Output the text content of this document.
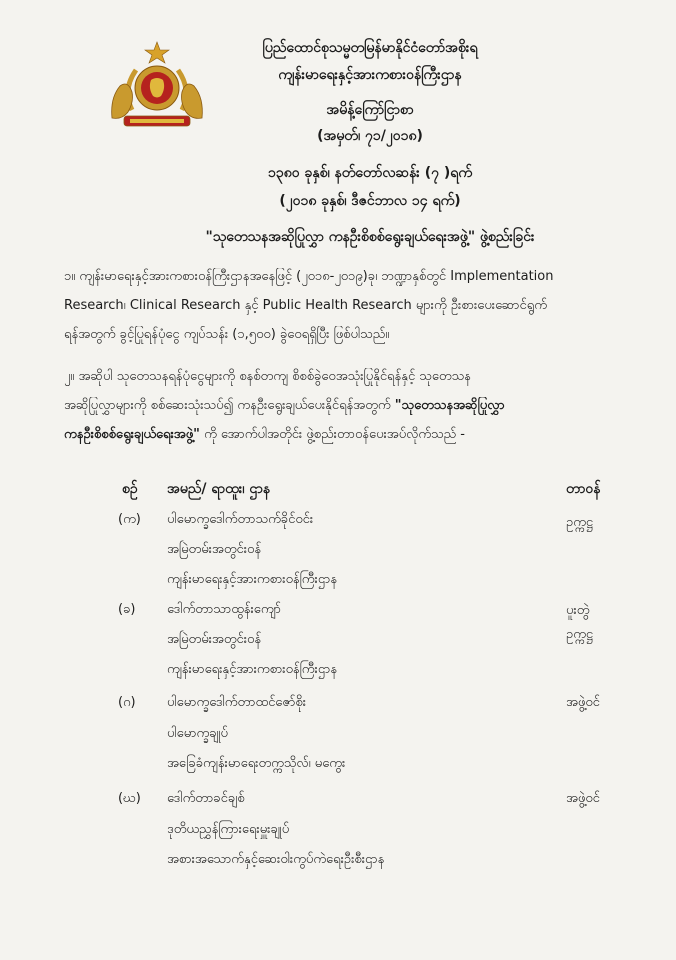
ပြည်ထောင်စုသမ္မတမြန်မာနိုင်ငံတော်အစိုးရ
ကျန်းမာရေးနှင့်အားကစားဝန်ကြီးဌာန
အမိန့်ကြော်ငြာစာ
(အမှတ်၊ ၇၁/၂၀၁၈)
၁၃၈၀ ခုနှစ်၊ နတ်တော်လဆန်း (၇ )ရက်
(၂၀၁၈ ခုနှစ်၊ ဒီဇင်ဘာလ ၁၄ ရက်)
"သုတေသနအဆိုပြုလွှာ ကနဦးစိစစ်ရွေးချယ်ရေးအဖွဲ့" ဖွဲ့စည်းခြင်း
၁။ ကျန်းမာရေးနှင့်အားကစားဝန်ကြီးဌာနအနေဖြင့် (၂၀၁၈-၂၀၁၉)ခု၊ ဘဏ္ဍာနှစ်တွင် Implementation
Research၊ Clinical Research နှင့် Public Health Research များကို ဦးစားပေးဆောင်ရွက်
ရန်အတွက် ခွင့်ပြုရန်ပုံငွေ ကျပ်သန်း (၁,၅၀၀) ခွဲဝေရရှိပြီး ဖြစ်ပါသည်။
၂။ အဆိုပါ သုတေသနရန်ပုံငွေများကို စနစ်တကျ စိစစ်ခွဲဝေအသုံးပြုနိုင်ရန်နှင့် သုတေသန
အဆိုပြုလွှာများကို စစ်ဆေးသုံးသပ်၍ ကနဦးရွေးချယ်ပေးနိုင်ရန်အတွက် "သုတေသနအဆိုပြုလွှာ
ကနဦးစိစစ်ရွေးချယ်ရေးအဖွဲ့" ကို အောက်ပါအတိုင်း ဖွဲ့စည်းတာဝန်ပေးအပ်လိုက်သည် -
စဉ် အမည်/ ရာထူး၊ ဌာန	တာဝန်
(က) ပါမောက္ခဒေါက်တာသက်ခိုင်ဝင်း
အမြဲတမ်းအတွင်းဝန်
ကျန်းမာရေးနှင့်အားကစားဝန်ကြီးဌာန
ဥက္ကဋ္ဌ
(ခ) ဒေါက်တာသာထွန်းကျော်
အမြဲတမ်းအတွင်းဝန်
ကျန်းမာရေးနှင့်အားကစားဝန်ကြီးဌာန
ပူးတွဲ
ဥက္ကဋ္ဌ
(ဂ) ပါမောက္ခဒေါက်တာထင်ဇော်စိုး
ပါမောက္ခချုပ်
အခြေခံကျန်းမာရေးတက္ကသိုလ်၊ မကွေး
အဖွဲ့ဝင်
(ဃ) ဒေါက်တာခင်ချစ်
ဒုတိယညွှန်ကြားရေးမှူးချုပ်
အစားအသောက်နှင့်ဆေးဝါးကွပ်ကဲရေးဦးစီးဌာန
အဖွဲ့ဝင်
